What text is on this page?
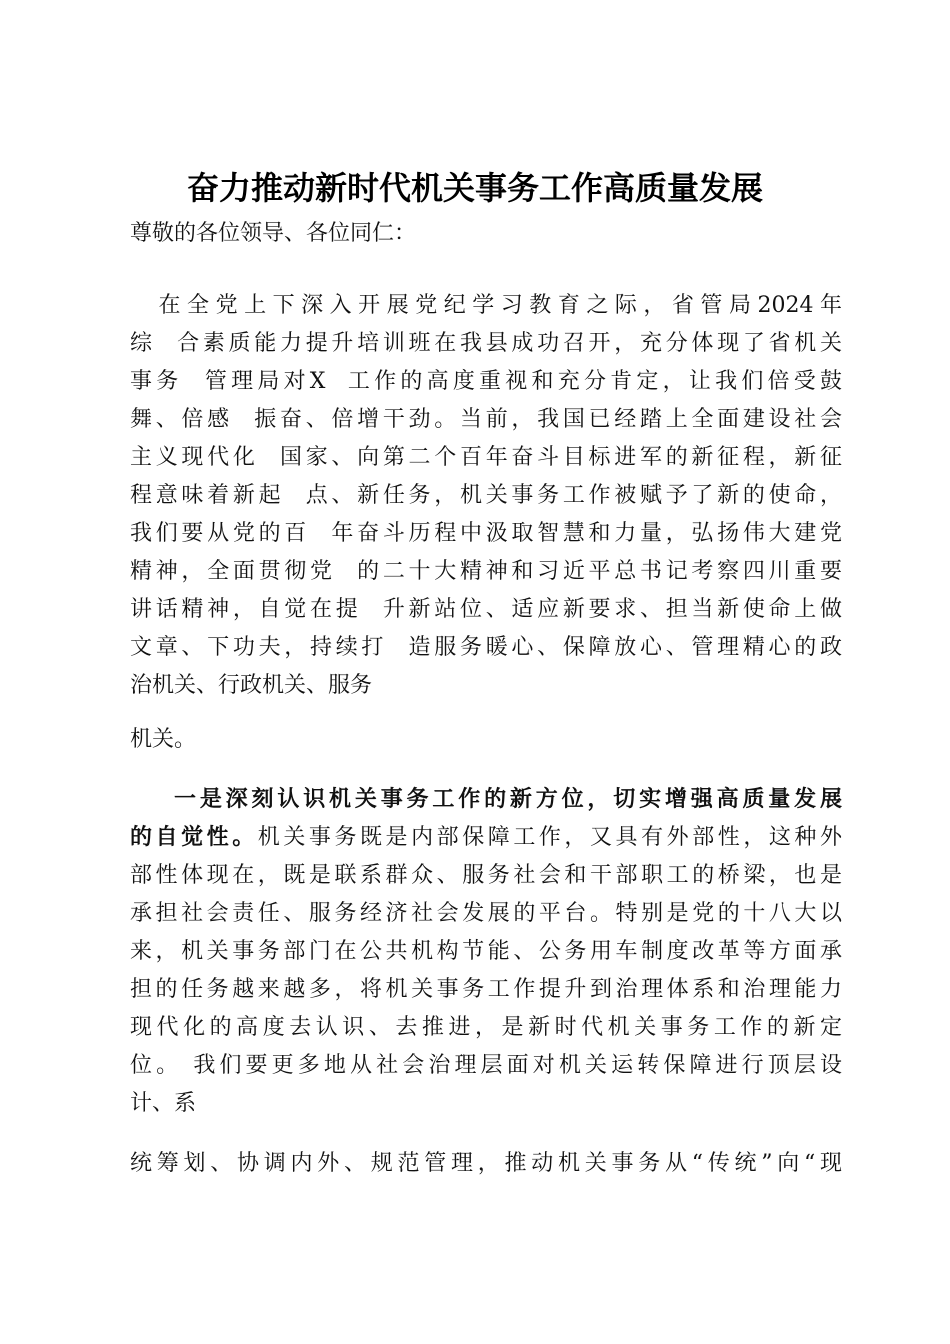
奋力推动新时代机关事务工作高质量发展
尊敬的各位领导、各位同仁：
　在全党上下深入开展党纪学习教育之际，省管局2024年
综  合素质能力提升培训班在我县成功召开，充分体现了省机关
事务  管理局对X  工作的高度重视和充分肯定，让我们倍受鼓
舞、倍感  振奋、倍增干劲。当前，我国已经踏上全面建设社会
主义现代化  国家、向第二个百年奋斗目标进军的新征程，新征
程意味着新起  点、新任务，机关事务工作被赋予了新的使命，
我们要从党的百  年奋斗历程中汲取智慧和力量，弘扬伟大建党
精神，全面贯彻党  的二十大精神和习近平总书记考察四川重要
讲话精神，自觉在提  升新站位、适应新要求、担当新使命上做
文章、下功夫，持续打  造服务暖心、保障放心、管理精心的政
治机关、行政机关、服务
机关。
一是深刻认识机关事务工作的新方位，切实增强高质量发展
的自觉性。机关事务既是内部保障工作，又具有外部性，这种外
部性体现在，既是联系群众、服务社会和干部职工的桥梁，也是
承担社会责任、服务经济社会发展的平台。特别是党的十八大以
来，机关事务部门在公共机构节能、公务用车制度改革等方面承
担的任务越来越多，将机关事务工作提升到治理体系和治理能力
现代化的高度去认识、去推进，是新时代机关事务工作的新定
位。 我们要更多地从社会治理层面对机关运转保障进行顶层设
计、系
统筹划、协调内外、规范管理，推动机关事务从“传统”向“现
